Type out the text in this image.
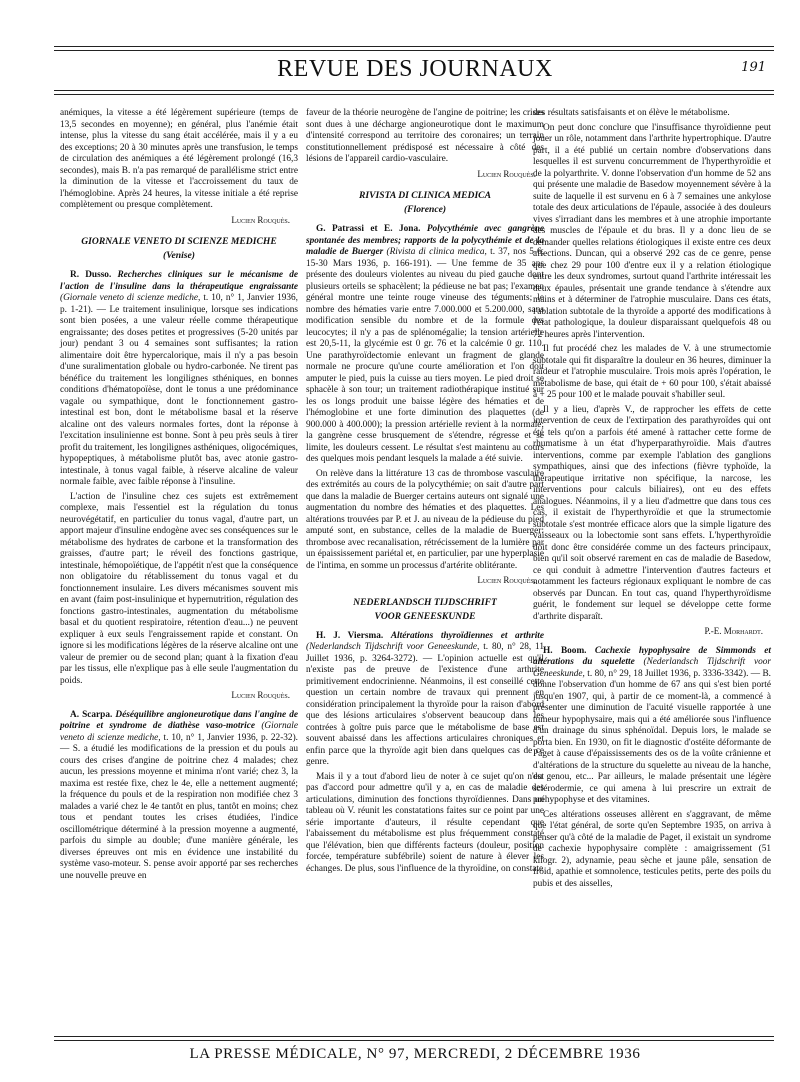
REVUE DES JOURNAUX	191

anémiques, la vitesse a été légèrement supérieure (temps de 13,5 secondes en moyenne); en général, plus l'anémie était intense, plus la vitesse du sang était accélérée, mais il y a eu des exceptions; 20 à 30 minutes après une transfusion, le temps de circulation des anémiques a été légèrement prolongé (16,3 secondes), mais B. n'a pas remarqué de parallélisme strict entre la diminution de la vitesse et l'accroissement du taux de l'hémoglobine. Après 24 heures, la vitesse initiale a été reprise complètement ou presque complètement.

Lucien Rouquès.
GIORNALE VENETO DI SCIENZE MEDICHE
(Venise)

R. Dusso. Recherches cliniques sur le mécanisme de l'action de l'insuline dans la thérapeutique engraissante (Giornale veneto di scienze mediche, t. 10, n° 1, Janvier 1936, p. 1-21). — Le traitement insulinique, lorsque ses indications sont bien posées, a une valeur réelle comme thérapeutique engraissante; des doses petites et progressives (5-20 unités par jour) pendant 3 ou 4 semaines sont suffisantes; la ration alimentaire doit être hypercalorique, mais il n'y a pas besoin d'une suralimentation globale ou hydro-carbonée. Ne tirent pas bénéfice du traitement les longilignes sthéniques, en bonnes conditions d'hématopoïèse, dont le tonus a une prédominance vagale ou sympathique, dont le fonctionnement gastro-intestinal est bon, dont le métabolisme basal et la réserve alcaline ont des valeurs normales fortes, dont la réponse à l'excitation insulinienne est bonne. Sont à peu près seuls à tirer profit du traitement, les longilignes asthéniques, oligocémiques, hypopeptiques, à métabolisme plutôt bas, avec atonie gastro-intestinale, à tonus vagal faible, à réserve alcaline de valeur normale faible, avec faible réponse à l'insuline.

L'action de l'insuline chez ces sujets est extrêmement complexe, mais l'essentiel est la régulation du tonus neurovégétatif, en particulier du tonus vagal, d'autre part, un apport majeur d'insuline endogène avec ses conséquences sur le métabolisme des hydrates de carbone et la transformation des graisses, d'autre part; le réveil des fonctions gastrique, intestinale, hémopoïétique, de l'appétit n'est que la conséquence non obligatoire du rétablissement du tonus vagal et du fonctionnement insulaire. Les divers mécanismes souvent mis en avant (faim post-insulinique et hypernutrition, régulation des fonctions gastro-intestinales, augmentation du métabolisme basal et du quotient respiratoire, rétention d'eau...) ne peuvent expliquer à eux seuls l'engraissement rapide et constant. On ignore si les modifications légères de la réserve alcaline ont une valeur de premier ou de second plan; quant à la fixation d'eau par les tissus, elle n'explique pas à elle seule l'augmentation du poids.

Lucien Rouquès.

A. Scarpa. Déséquilibre angioneurotique dans l'angine de poitrine et syndrome de diathèse vaso-motrice (Giornale veneto di scienze mediche, t. 10, n° 1, Janvier 1936, p. 22-32). — S. a étudié les modifications de la pression et du pouls au cours des crises d'angine de poitrine chez 4 malades; chez aucun, les pressions moyenne et minima n'ont varié; chez 3, la maxima est restée fixe, chez le 4e, elle a nettement augmenté; la fréquence du pouls et de la respiration non modifiée chez 3 malades a varié chez le 4e tantôt en plus, tantôt en moins; chez tous et pendant toutes les crises étudiées, l'indice oscillométrique déterminé à la pression moyenne a augmenté, parfois du simple au double; d'une manière générale, les diverses épreuves ont mis en évidence une instabilité du système vaso-moteur. S. pense avoir apporté par ses recherches une nouvelle preuve en

faveur de la théorie neurogène de l'angine de poitrine; les crises sont dues à une décharge angioneurotique dont le maximum d'intensité correspond au territoire des coronaires; un terrain constitutionnellement prédisposé est nécessaire à côté des lésions de l'appareil cardio-vasculaire.

Lucien Rouquès.
RIVISTA DI CLINICA MEDICA
(Florence)

G. Patrassi et E. Jona. Polycythémie avec gangrène spontanée des membres; rapports de la polycythémie et de la maladie de Buerger (Rivista di clinica medica, t. 37, nos 5-6, 15-30 Mars 1936, p. 166-191). — Une femme de 35 ans présente des douleurs violentes au niveau du pied gauche dont plusieurs orteils se sphacèlent; la pédieuse ne bat pas; l'examen général montre une teinte rouge vineuse des téguments; le nombre des hématies varie entre 7.000.000 et 5.200.000, sans modification sensible du nombre et de la formule des leucocytes; il n'y a pas de splénomégalie; la tension artérielle est 20,5-11, la glycémie est 0 gr. 76 et la calcémie 0 gr. 110. Une parathyroïdectomie enlevant un fragment de glande normale ne procure qu'une courte amélioration et l'on doit amputer le pied, puis la cuisse au tiers moyen. Le pied droit se sphacèle à son tour; un traitement radiothérapique institué sur les os longs produit une baisse légère des hématies et de l'hémoglobine et une forte diminution des plaquettes (de 900.000 à 400.000); la pression artérielle revient à la normale; la gangrène cesse brusquement de s'étendre, régresse et se limite, les douleurs cessent. Le résultat s'est maintenu au cours des quelques mois pendant lesquels la malade a été suivie.

On relève dans la littérature 13 cas de thrombose vasculaire des extrémités au cours de la polycythémie; on sait d'autre part que dans la maladie de Buerger certains auteurs ont signalé une augmentation du nombre des hématies et des plaquettes. Les altérations trouvées par P. et J. au niveau de la pédieuse du pied amputé sont, en substance, celles de la maladie de Buerger: thrombose avec recanalisation, rétrécissement de la lumière par un épaississement pariétal et, en particulier, par une hyperplasie de l'intima, en somme un processus d'artérite oblitérante.

Lucien Rouquès.
NEDERLANDSCH TIJDSCHRIFT
VOOR GENEESKUNDE

H. J. Viersma. Altérations thyroïdiennes et arthrite (Nederlandsch Tijdschrift voor Geneeskunde, t. 80, n° 28, 11 Juillet 1936, p. 3264-3272). — L'opinion actuelle est qu'il n'existe pas de preuve de l'existence d'une arthrite primitivement endocrinienne. Néanmoins, il est conseillé cette question un certain nombre de travaux qui prennent en considération principalement la thyroïde pour la raison d'abord que des lésions articulaires s'observent beaucoup dans les contrées à goître puis parce que le métabolisme de base est souvent abaissé dans les affections articulaires chroniques et enfin parce que la thyroïde agit bien dans quelques cas de ce genre.

Mais il y a tout d'abord lieu de noter à ce sujet qu'on n'est pas d'accord pour admettre qu'il y a, en cas de maladie des articulations, diminution des fonctions thyroïdiennes. Dans un tableau où V. réunit les constatations faites sur ce point par une série importante d'auteurs, il résulte cependant que l'abaissement du métabolisme est plus fréquemment constaté que l'élévation, bien que différents facteurs (douleur, position forcée, température subfébrile) soient de nature à élever les échanges. De plus, sous l'influence de la thyroïdine, on constate

des résultats satisfaisants et on élève le métabolisme.

On peut donc conclure que l'insuffisance thyroïdienne peut jouer un rôle, notamment dans l'arthrite hypertrophique. D'autre part, il a été publié un certain nombre d'observations dans lesquelles il est survenu concurremment de l'hyperthyroïdie et de la polyarthrite. V. donne l'observation d'un homme de 52 ans qui présente une maladie de Basedow moyennement sévère à la suite de laquelle il est survenu en 6 à 7 semaines une ankylose totale des deux articulations de l'épaule, associée à des douleurs vives s'irradiant dans les membres et à une atrophie importante des muscles de l'épaule et du bras. Il y a donc lieu de se demander quelles relations étiologiques il existe entre ces deux affections. Duncan, qui a observé 292 cas de ce genre, pense que chez 29 pour 100 d'entre eux il y a relation étiologique entre les deux syndromes, surtout quand l'arthrite intéressait les deux épaules, présentait une grande tendance à s'étendre aux mains et à déterminer de l'atrophie musculaire. Dans ces états, l'ablation subtotale de la thyroïde a apporté des modifications à l'état pathologique, la douleur disparaissant quelquefois 48 ou 72 heures après l'intervention.

Il fut procédé chez les malades de V. à une strumectomie subtotale qui fit disparaître la douleur en 36 heures, diminuer la raideur et l'atrophie musculaire. Trois mois après l'opération, le métabolisme de base, qui était de + 60 pour 100, s'était abaissé à + 25 pour 100 et le malade pouvait s'habiller seul.

Il y a lieu, d'après V., de rapprocher les effets de cette intervention de ceux de l'extirpation des parathyroïdes qui ont été tels qu'on a parfois été amené à rattacher cette forme de rhumatisme à un état d'hyperparathyroïdie. Mais d'autres interventions, comme par exemple l'ablation des ganglions sympathiques, ainsi que des infections (fièvre typhoïde, la thérapeutique irritative non spécifique, la narcose, les interventions pour calculs biliaires), ont eu des effets analogues. Néanmoins, il y a lieu d'admettre que dans tous ces cas, il existait de l'hyperthyroïdie et que la strumectomie subtotale s'est montrée efficace alors que la simple ligature des vaisseaux ou la lobectomie sont sans effets. L'hyperthyroïdie doit donc être considérée comme un des facteurs principaux, bien qu'il soit observé rarement en cas de maladie de Basedow, ce qui conduit à admettre l'intervention d'autres facteurs et notamment les facteurs régionaux expliquant le nombre de cas observés par Duncan. En tout cas, quand l'hyperthyroïdisme guérit, le fondement sur lequel se développe cette forme d'arthrite disparaît.

P.-E. Morhardt.

H. Boom. Cachexie hypophysaire de Simmonds et altérations du squelette (Nederlandsch Tijdschrift voor Geneeskunde, t. 80, n° 29, 18 Juillet 1936, p. 3336-3342). — B. donne l'observation d'un homme de 67 ans qui s'est bien porté jusqu'en 1907, qui, à partir de ce moment-là, a commencé à présenter une diminution de l'acuité visuelle rapportée à une tumeur hypophysaire, mais qui a été améliorée sous l'influence d'un drainage du sinus sphénoïdal. Depuis lors, le malade se porta bien. En 1930, on fit le diagnostic d'ostéite déformante de Paget à cause d'épaississements des os de la voûte crânienne et d'altérations de la structure du squelette au niveau de la hanche, du genou, etc... Par ailleurs, le malade présentait une légère sclérodermie, ce qui amena à lui prescrire un extrait de préhypophyse et des vitamines.

Ces altérations osseuses allèrent en s'aggravant, de même que l'état général, de sorte qu'en Septembre 1935, on arriva à penser qu'à côté de la maladie de Paget, il existait un syndrome de cachexie hypophysaire complète : amaigrissement (51 kilogr. 2), adynamie, peau sèche et jaune pâle, sensation de froid, apathie et somnolence, testicules petits, perte des poils du pubis et des aisselles,

LA PRESSE MÉDICALE, N° 97, MERCREDI, 2 DÉCEMBRE 1936
